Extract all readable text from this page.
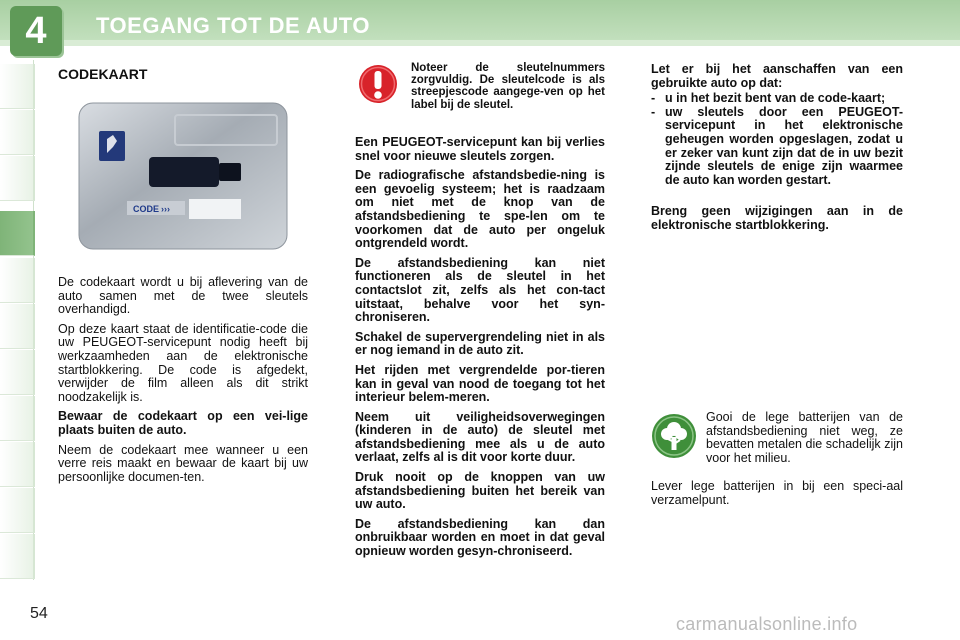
4 TOEGANG TOT DE AUTO
CODEKAART
CODE ›››

De codekaart wordt u bij aflevering van de auto samen met de twee sleutels overhandigd.

Op deze kaart staat de identificatie-code die uw PEUGEOT-servicepunt nodig heeft bij werkzaamheden aan de elektronische startblokkering. De code is afgedekt, verwijder de film alleen als dit strikt noodzakelijk is.

Bewaar de codekaart op een vei-lige plaats buiten de auto.

Neem de codekaart mee wanneer u een verre reis maakt en bewaar de kaart bij uw persoonlijke documen-ten.

Noteer de sleutelnummers zorgvuldig. De sleutelcode is als streepjescode aangege-ven op het label bij de sleutel.

Een PEUGEOT-servicepunt kan bij verlies snel voor nieuwe sleutels zorgen.

De radiografische afstandsbedie-ning is een gevoelig systeem; het is raadzaam om niet met de knop van de afstandsbediening te spe-len om te voorkomen dat de auto per ongeluk ontgrendeld wordt.

De afstandsbediening kan niet functioneren als de sleutel in het contactslot zit, zelfs als het con-tact uitstaat, behalve voor het syn-chroniseren.

Schakel de supervergrendeling niet in als er nog iemand in de auto zit.

Het rijden met vergrendelde por-tieren kan in geval van nood de toegang tot het interieur belem-meren.

Neem uit veiligheidsoverwegingen (kinderen in de auto) de sleutel met afstandsbediening mee als u de auto verlaat, zelfs al is dit voor korte duur.

Druk nooit op de knoppen van uw afstandsbediening buiten het bereik van uw auto.

De afstandsbediening kan dan onbruikbaar worden en moet in dat geval opnieuw worden gesyn-chroniseerd.

Let er bij het aanschaffen van een gebruikte auto op dat:

- u in het bezit bent van de code-kaart;
- uw sleutels door een PEUGEOT-servicepunt in het elektronische geheugen worden opgeslagen, zodat u er zeker van kunt zijn dat de in uw bezit zijnde sleutels de enige zijn waarmee de auto kan worden gestart.

Breng geen wijzigingen aan in de elektronische startblokkering.

Gooi de lege batterijen van de afstandsbediening niet weg, ze bevatten metalen die schadelijk zijn voor het milieu.
Lever lege batterijen in bij een speci-aal verzamelpunt.
54
carmanualsonline.info
